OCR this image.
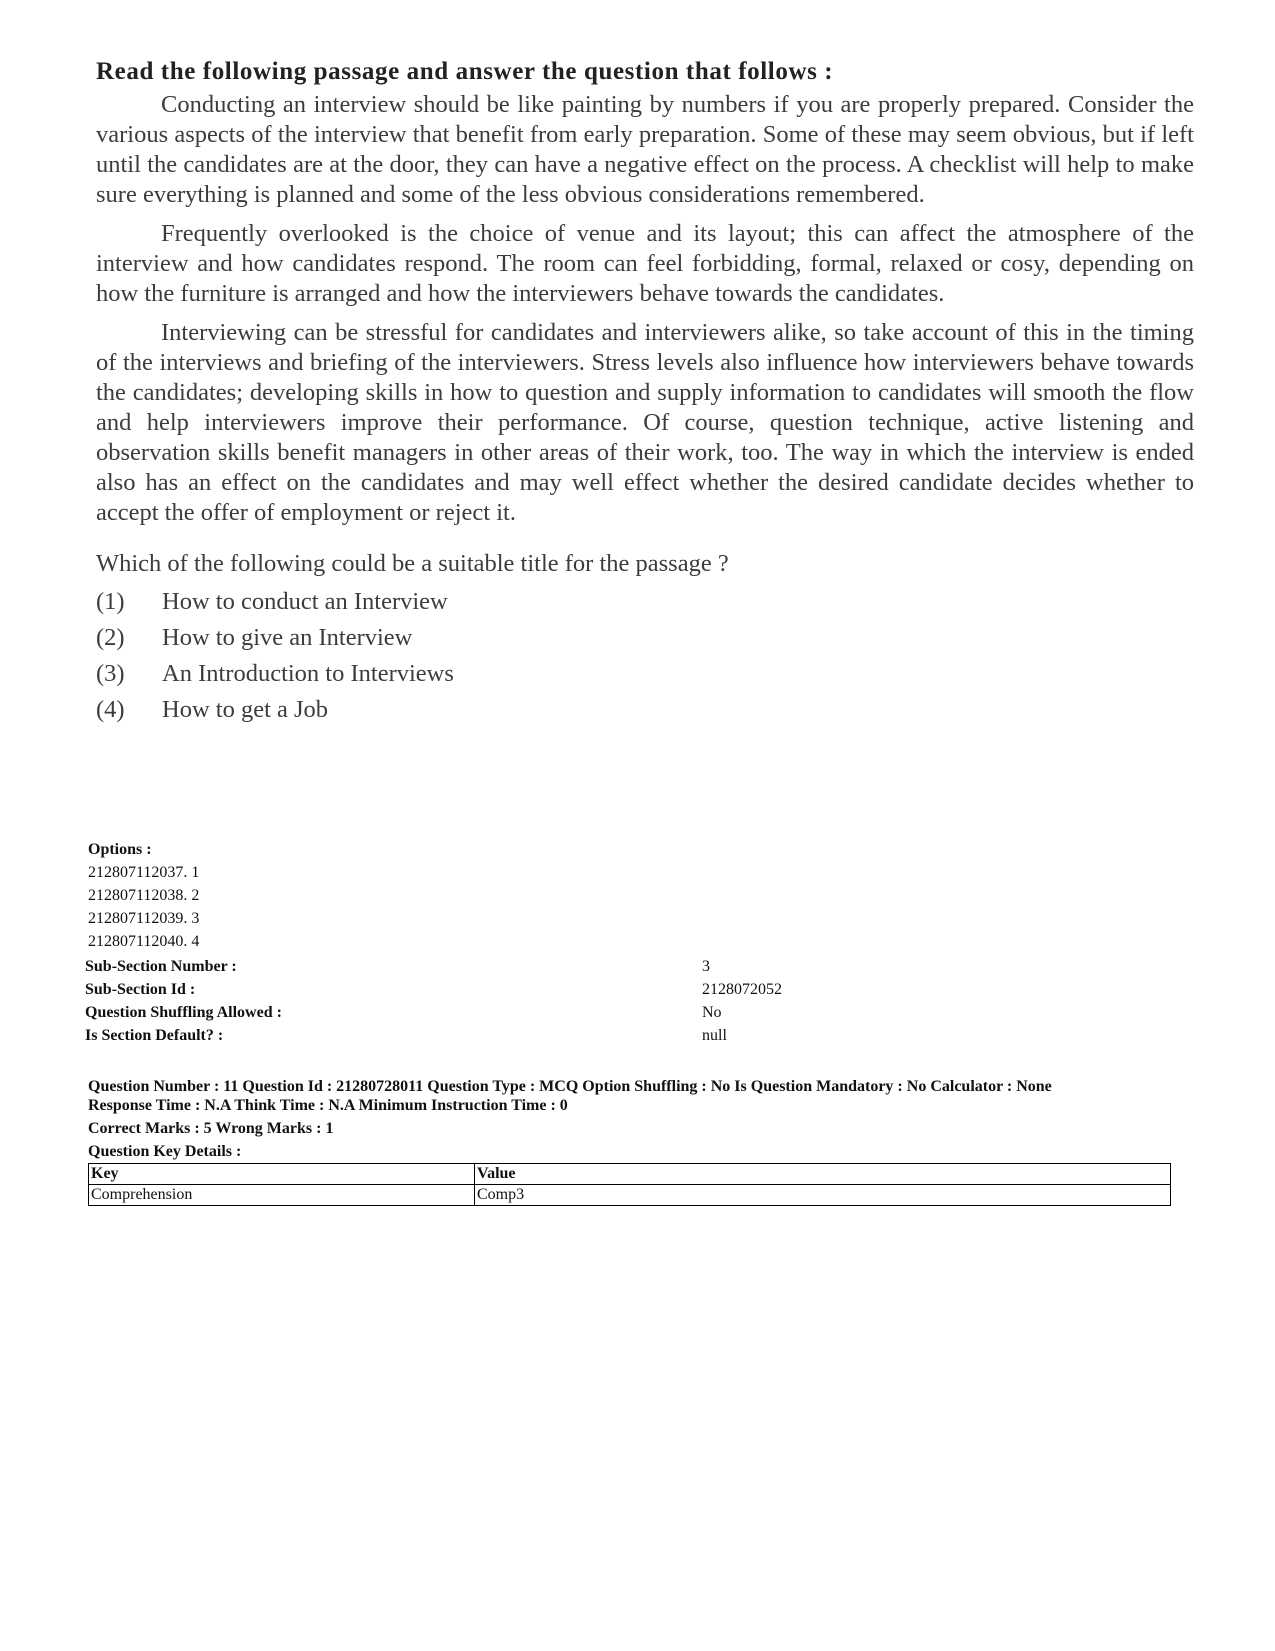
Read the following passage and answer the question that follows :

Conducting an interview should be like painting by numbers if you are properly prepared. Consider the various aspects of the interview that benefit from early preparation. Some of these may seem obvious, but if left until the candidates are at the door, they can have a negative effect on the process. A checklist will help to make sure everything is planned and some of the less obvious considerations remembered.

Frequently overlooked is the choice of venue and its layout; this can affect the atmosphere of the interview and how candidates respond. The room can feel forbidding, formal, relaxed or cosy, depending on how the furniture is arranged and how the interviewers behave towards the candidates.

Interviewing can be stressful for candidates and interviewers alike, so take account of this in the timing of the interviews and briefing of the interviewers. Stress levels also influence how interviewers behave towards the candidates; developing skills in how to question and supply information to candidates will smooth the flow and help interviewers improve their performance. Of course, question technique, active listening and observation skills benefit managers in other areas of their work, too. The way in which the interview is ended also has an effect on the candidates and may well effect whether the desired candidate decides whether to accept the offer of employment or reject it.

Which of the following could be a suitable title for the passage ?
(1) How to conduct an Interview
(2) How to give an Interview
(3) An Introduction to Interviews
(4) How to get a Job
Options :
212807112037. 1
212807112038. 2
212807112039. 3
212807112040. 4
Sub-Section Number :	3
Sub-Section Id :	2128072052
Question Shuffling Allowed :	No
Is Section Default? :	null
Question Number : 11 Question Id : 21280728011 Question Type : MCQ Option Shuffling : No Is Question Mandatory : No Calculator : None
Response Time : N.A Think Time : N.A Minimum Instruction Time : 0
Correct Marks : 5 Wrong Marks : 1
Question Key Details :
Key	Value
Comprehension	Comp3
